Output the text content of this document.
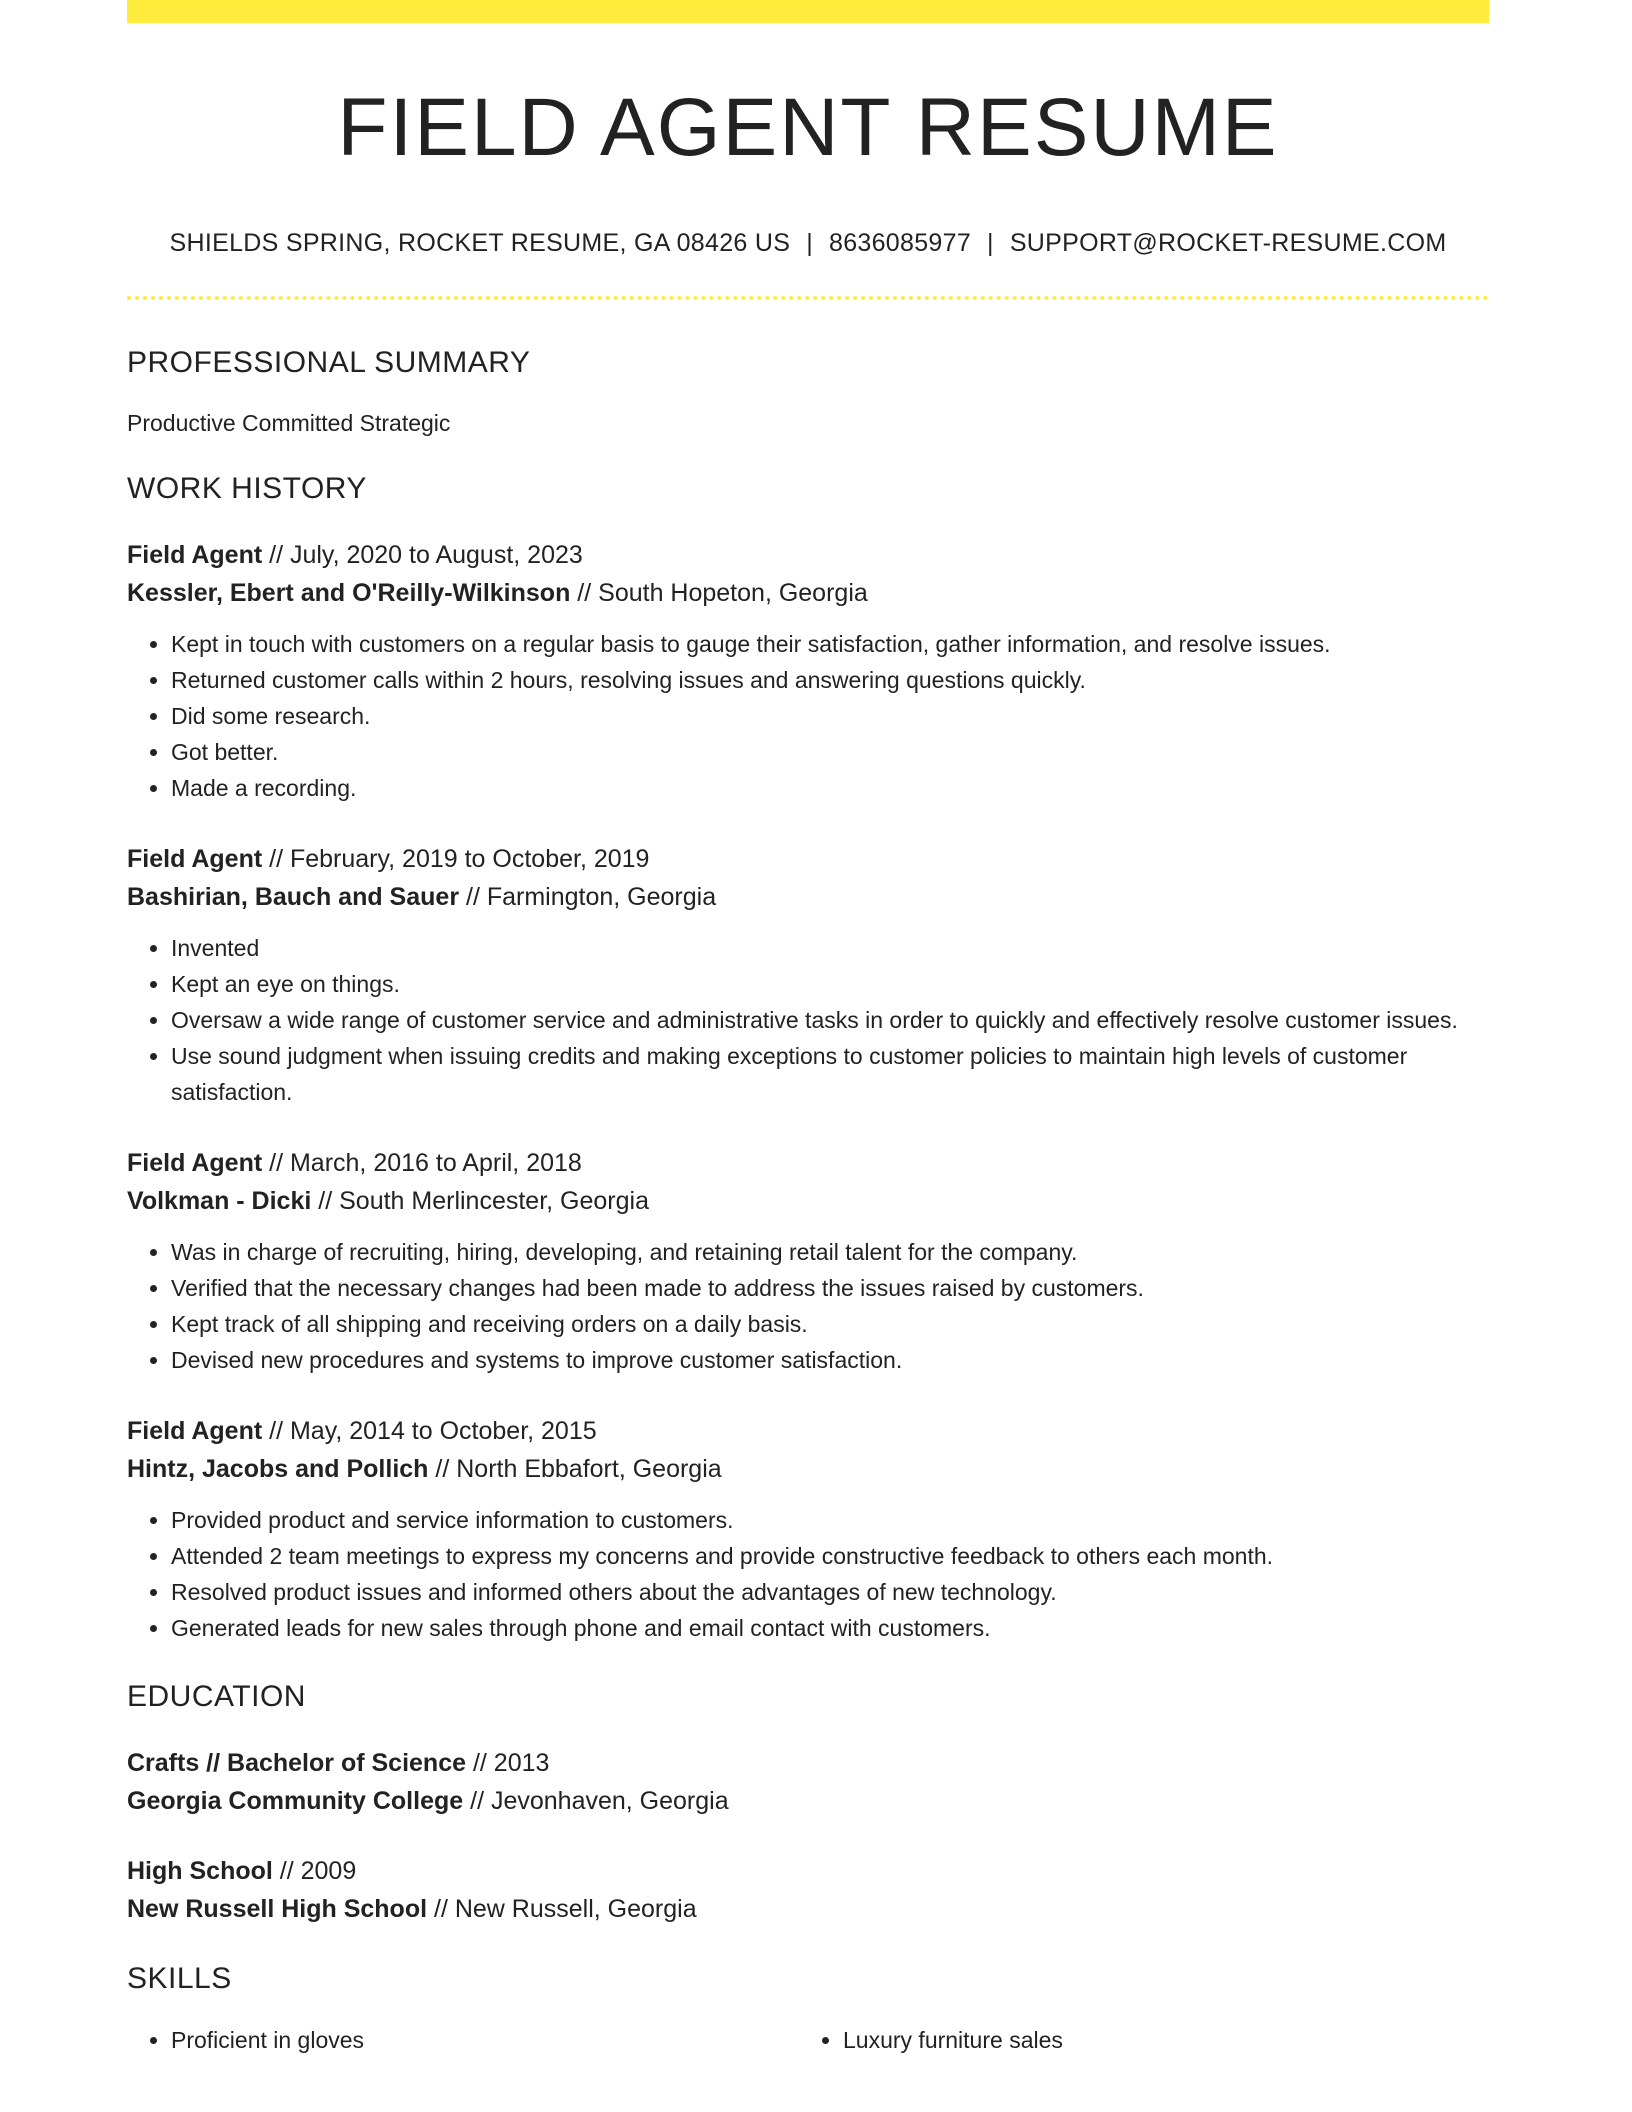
FIELD AGENT RESUME
SHIELDS SPRING, ROCKET RESUME, GA 08426 US | 8636085977 | SUPPORT@ROCKET-RESUME.COM
PROFESSIONAL SUMMARY
Productive Committed Strategic
WORK HISTORY
Field Agent // July, 2020 to August, 2023
Kessler, Ebert and O'Reilly-Wilkinson // South Hopeton, Georgia
• Kept in touch with customers on a regular basis to gauge their satisfaction, gather information, and resolve issues.
• Returned customer calls within 2 hours, resolving issues and answering questions quickly.
• Did some research.
• Got better.
• Made a recording.
Field Agent // February, 2019 to October, 2019
Bashirian, Bauch and Sauer // Farmington, Georgia
• Invented
• Kept an eye on things.
• Oversaw a wide range of customer service and administrative tasks in order to quickly and effectively resolve customer issues.
• Use sound judgment when issuing credits and making exceptions to customer policies to maintain high levels of customer satisfaction.
Field Agent // March, 2016 to April, 2018
Volkman - Dicki // South Merlincester, Georgia
• Was in charge of recruiting, hiring, developing, and retaining retail talent for the company.
• Verified that the necessary changes had been made to address the issues raised by customers.
• Kept track of all shipping and receiving orders on a daily basis.
• Devised new procedures and systems to improve customer satisfaction.
Field Agent // May, 2014 to October, 2015
Hintz, Jacobs and Pollich // North Ebbafort, Georgia
• Provided product and service information to customers.
• Attended 2 team meetings to express my concerns and provide constructive feedback to others each month.
• Resolved product issues and informed others about the advantages of new technology.
• Generated leads for new sales through phone and email contact with customers.
EDUCATION
Crafts // Bachelor of Science // 2013
Georgia Community College // Jevonhaven, Georgia
High School // 2009
New Russell High School // New Russell, Georgia
SKILLS
• Proficient in gloves
•	Luxury furniture sales
